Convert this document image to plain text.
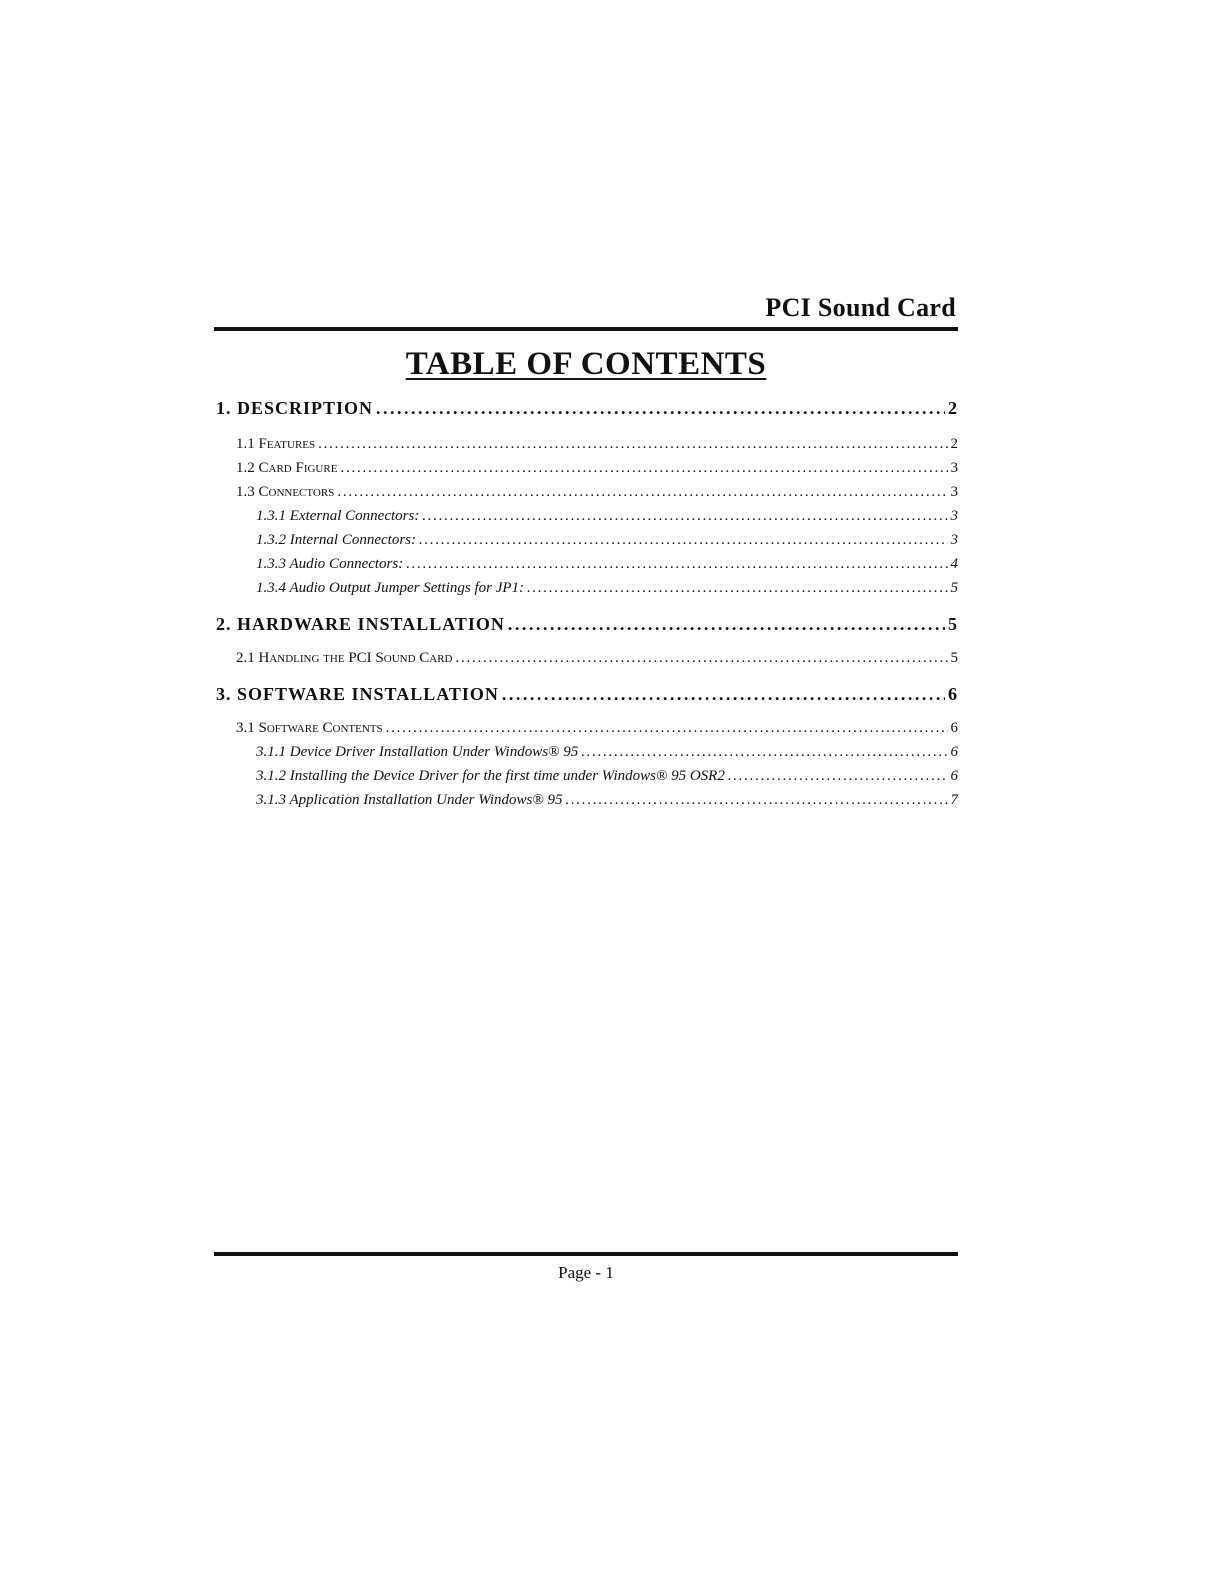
PCI Sound Card
TABLE OF CONTENTS
1. DESCRIPTION . . .	2
1.1 Features . . .	2
1.2 Card Figure . . .	3
1.3 Connectors . . .	3
1.3.1 External Connectors: . . .	3
1.3.2 Internal Connectors: . . .	3
1.3.3 Audio Connectors: . . .	4
1.3.4 Audio Output Jumper Settings for JP1: . . .	5
2. HARDWARE INSTALLATION . . .	5
2.1 Handling the PCI Sound Card . . .	5
3. SOFTWARE INSTALLATION . . .	6
3.1 Software Contents . . .	6
3.1.1 Device Driver Installation Under Windows® 95 . . .	6
3.1.2 Installing the Device Driver for the first time under Windows® 95 OSR2 . . .	6
3.1.3 Application Installation Under Windows® 95 . . .	7
Page - 1
